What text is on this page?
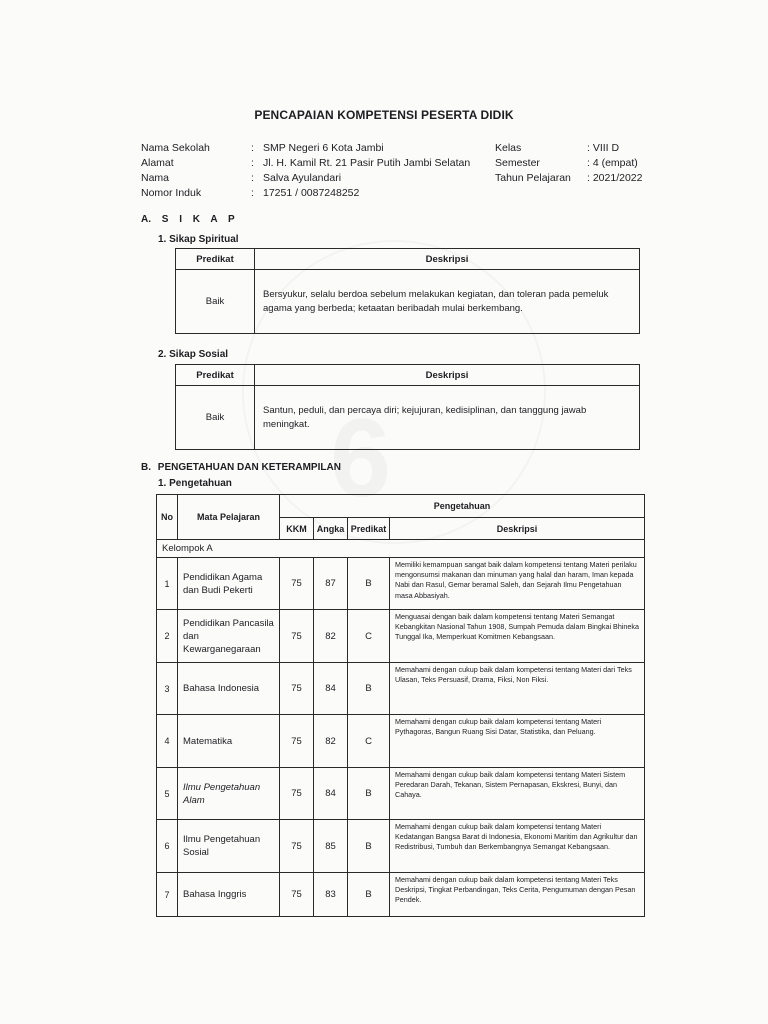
PENCAPAIAN KOMPETENSI PESERTA DIDIK
Nama Sekolah	: SMP Negeri 6 Kota Jambi
Alamat	: Jl. H. Kamil Rt. 21 Pasir Putih Jambi Selatan
Nama	: Salva Ayulandari
Nomor Induk	: 17251 / 0087248252
Kelas	: VIII D
Semester	: 4 (empat)
Tahun Pelajaran	: 2021/2022
A. S I K A P
1. Sikap Spiritual
Predikat	Deskripsi
Baik	Bersyukur, selalu berdoa sebelum melakukan kegiatan, dan toleran pada pemeluk agama yang berbeda; ketaatan beribadah mulai berkembang.
2. Sikap Sosial
Predikat	Deskripsi
Baik	Santun, peduli, dan percaya diri; kejujuran, kedisiplinan, dan tanggung jawab meningkat.
B. PENGETAHUAN DAN KETERAMPILAN
1. Pengetahuan
No	Mata Pelajaran	Pengetahuan			
		KKM	Angka	Predikat	Deskripsi
Kelompok A					
1	Pendidikan Agama dan Budi Pekerti	75	87	B	Memiliki kemampuan sangat baik dalam kompetensi tentang Materi perilaku mengonsumsi makanan dan minuman yang halal dan haram, Iman kepada Nabi dan Rasul, Gemar beramal Saleh, dan Sejarah Ilmu Pengetahuan masa Abbasiyah.
2	Pendidikan Pancasila dan Kewarganegaraan	75	82	C	Menguasai dengan baik dalam kompetensi tentang Materi Semangat Kebangkitan Nasional Tahun 1908, Sumpah Pemuda dalam Bingkai Bhineka Tunggal Ika, Memperkuat Komitmen Kebangsaan.
3	Bahasa Indonesia	75	84	B	Memahami dengan cukup baik dalam kompetensi tentang Materi dari Teks Ulasan, Teks Persuasif, Drama, Fiksi, Non Fiksi.
4	Matematika	75	82	C	Memahami dengan cukup baik dalam kompetensi tentang Materi Pythagoras, Bangun Ruang Sisi Datar, Statistika, dan Peluang.
5	Ilmu Pengetahuan Alam	75	84	B	Memahami dengan cukup baik dalam kompetensi tentang Materi Sistem Peredaran Darah, Tekanan, Sistem Pernapasan, Ekskresi, Bunyi, dan Cahaya.
6	Ilmu Pengetahuan Sosial	75	85	B	Memahami dengan cukup baik dalam kompetensi tentang Materi Kedatangan Bangsa Barat di Indonesia, Ekonomi Maritim dan Agrikultur dan Redistribusi, Tumbuh dan Berkembangnya Semangat Kebangsaan.
7	Bahasa Inggris	75	83	B	Memahami dengan cukup baik dalam kompetensi tentang Materi Teks Deskripsi, Tingkat Perbandingan, Teks Cerita, Pengumuman dengan Pesan Pendek.
